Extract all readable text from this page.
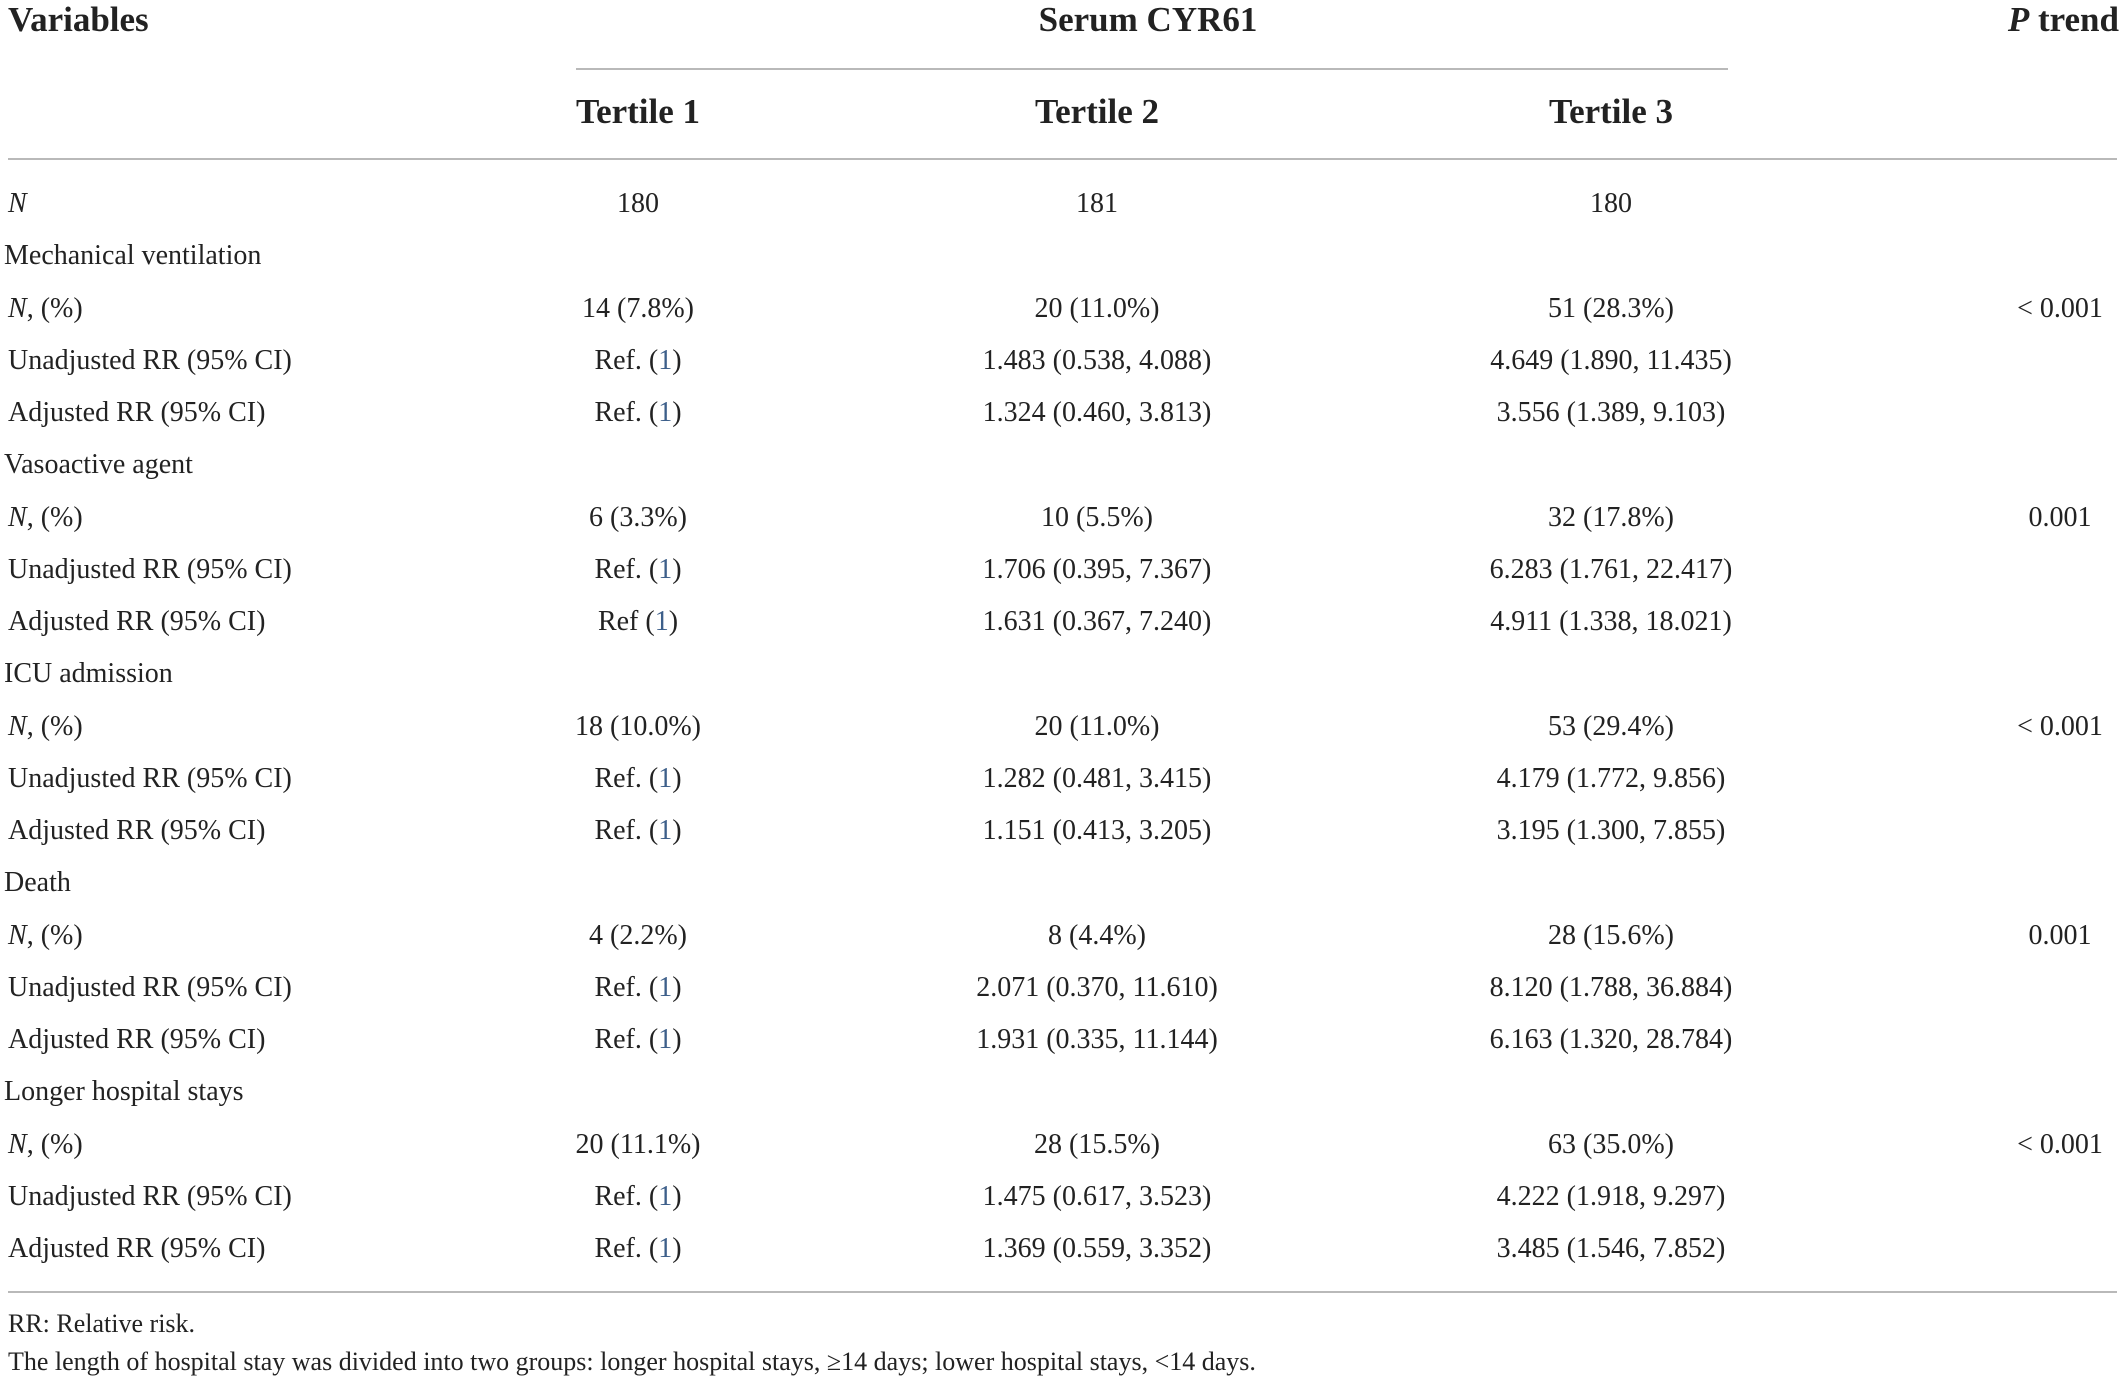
Variables	Serum CYR61	P trend
Tertile 1	Tertile 2	Tertile 3
N	180	181	180
Mechanical ventilation
N, (%)	14 (7.8%)	20 (11.0%)	51 (28.3%)	< 0.001
Unadjusted RR (95% CI)	Ref. (1)	1.483 (0.538, 4.088)	4.649 (1.890, 11.435)
Adjusted RR (95% CI)	Ref. (1)	1.324 (0.460, 3.813)	3.556 (1.389, 9.103)
Vasoactive agent
N, (%)	6 (3.3%)	10 (5.5%)	32 (17.8%)	0.001
Unadjusted RR (95% CI)	Ref. (1)	1.706 (0.395, 7.367)	6.283 (1.761, 22.417)
Adjusted RR (95% CI)	Ref (1)	1.631 (0.367, 7.240)	4.911 (1.338, 18.021)
ICU admission
N, (%)	18 (10.0%)	20 (11.0%)	53 (29.4%)	< 0.001
Unadjusted RR (95% CI)	Ref. (1)	1.282 (0.481, 3.415)	4.179 (1.772, 9.856)
Adjusted RR (95% CI)	Ref. (1)	1.151 (0.413, 3.205)	3.195 (1.300, 7.855)
Death
N, (%)	4 (2.2%)	8 (4.4%)	28 (15.6%)	0.001
Unadjusted RR (95% CI)	Ref. (1)	2.071 (0.370, 11.610)	8.120 (1.788, 36.884)
Adjusted RR (95% CI)	Ref. (1)	1.931 (0.335, 11.144)	6.163 (1.320, 28.784)
Longer hospital stays
N, (%)	20 (11.1%)	28 (15.5%)	63 (35.0%)	< 0.001
Unadjusted RR (95% CI)	Ref. (1)	1.475 (0.617, 3.523)	4.222 (1.918, 9.297)
Adjusted RR (95% CI)	Ref. (1)	1.369 (0.559, 3.352)	3.485 (1.546, 7.852)
RR: Relative risk.
The length of hospital stay was divided into two groups: longer hospital stays, ≥14 days; lower hospital stays, <14 days.
